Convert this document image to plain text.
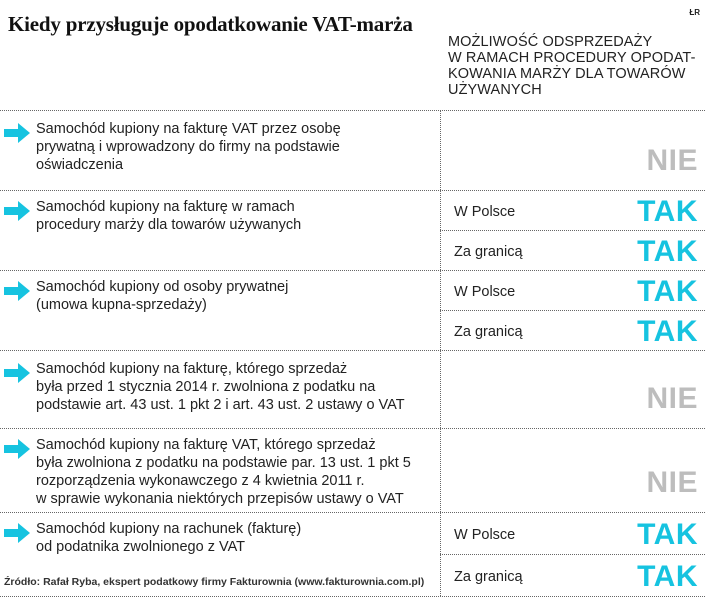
Kiedy przysługuje opodatkowanie VAT-marża	ŁR
MOŻLIWOŚĆ ODSPRZEDAŻY
W RAMACH PROCEDURY OPODAT-
KOWANIA MARŻY DLA TOWARÓW
UŻYWANYCH
Samochód kupiony na fakturę VAT przez osobę
prywatną i wprowadzony do firmy na podstawie
oświadczenia	NIE
Samochód kupiony na fakturę w ramach
procedury marży dla towarów używanych
W Polsce	TAK
Za granicą	TAK
Samochód kupiony od osoby prywatnej
(umowa kupna-sprzedaży)
W Polsce	TAK
Za granicą	TAK
Samochód kupiony na fakturę, którego sprzedaż
była przed 1 stycznia 2014 r. zwolniona z podatku na
podstawie art. 43 ust. 1 pkt 2 i art. 43 ust. 2 ustawy o VAT	NIE
Samochód kupiony na fakturę VAT, którego sprzedaż
była zwolniona z podatku na podstawie par. 13 ust. 1 pkt 5
rozporządzenia wykonawczego z 4 kwietnia 2011 r.
w sprawie wykonania niektórych przepisów ustawy o VAT	NIE
Samochód kupiony na rachunek (fakturę)
od podatnika zwolnionego z VAT
W Polsce	TAK
Za granicą	TAK
Źródło: Rafał Ryba, ekspert podatkowy firmy Fakturownia (www.fakturownia.com.pl)
